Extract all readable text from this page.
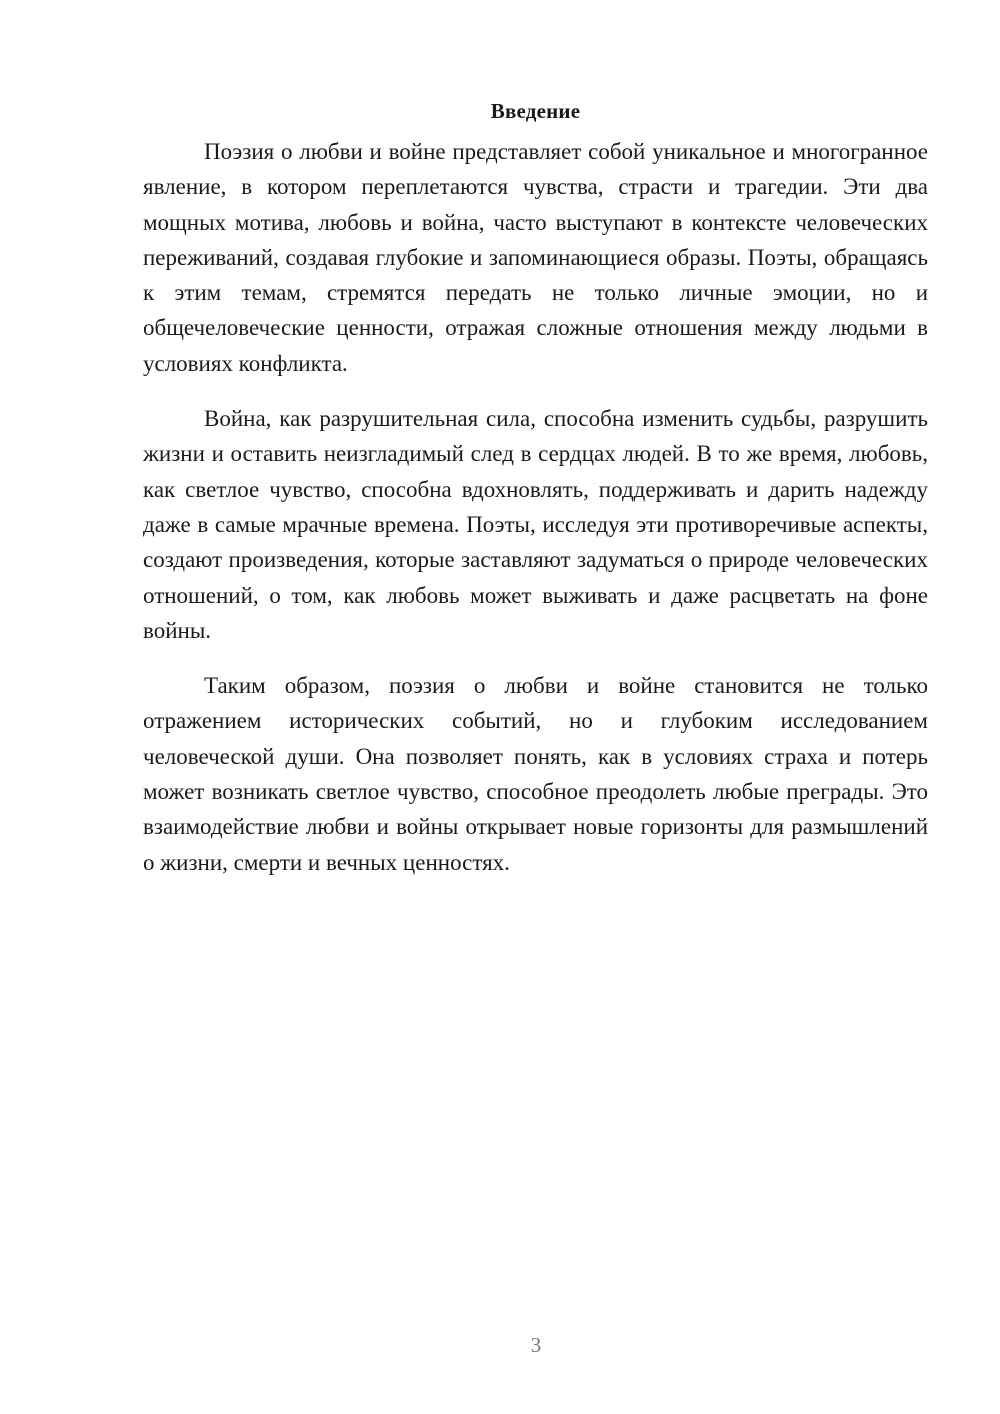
Введение

Поэзия о любви и войне представляет собой уникальное и многогранное явление, в котором переплетаются чувства, страсти и трагедии. Эти два мощных мотива, любовь и война, часто выступают в контексте человеческих переживаний, создавая глубокие и запоминающиеся образы. Поэты, обращаясь к этим темам, стремятся передать не только личные эмоции, но и общечеловеческие ценности, отражая сложные отношения между людьми в условиях конфликта.

Война, как разрушительная сила, способна изменить судьбы, разрушить жизни и оставить неизгладимый след в сердцах людей. В то же время, любовь, как светлое чувство, способна вдохновлять, поддерживать и дарить надежду даже в самые мрачные времена. Поэты, исследуя эти противоречивые аспекты, создают произведения, которые заставляют задуматься о природе человеческих отношений, о том, как любовь может выживать и даже расцветать на фоне войны.

Таким образом, поэзия о любви и войне становится не только отражением исторических событий, но и глубоким исследованием человеческой души. Она позволяет понять, как в условиях страха и потерь может возникать светлое чувство, способное преодолеть любые преграды. Это взаимодействие любви и войны открывает новые горизонты для размышлений о жизни, смерти и вечных ценностях.

3
